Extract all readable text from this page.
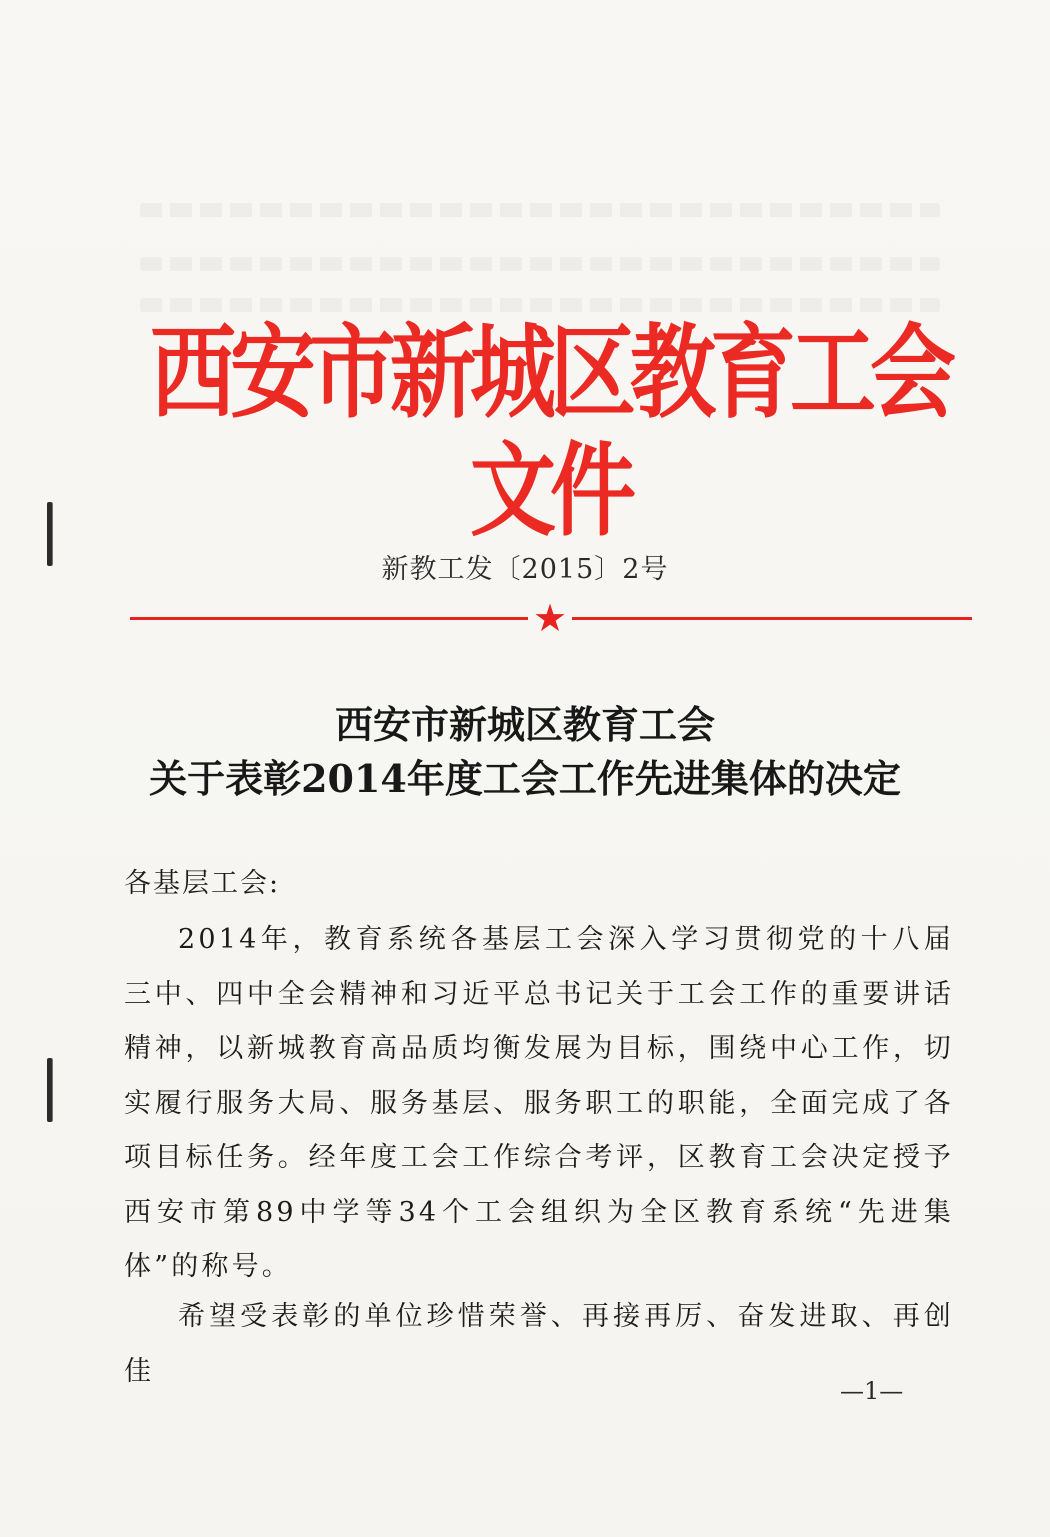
西安市新城区教育工会文件
新教工发〔2015〕2号
★
西安市新城区教育工会
关于表彰2014年度工会工作先进集体的决定
各基层工会:

2014年，教育系统各基层工会深入学习贯彻党的十八届三中、四中全会精神和习近平总书记关于工会工作的重要讲话精神，以新城教育高品质均衡发展为目标，围绕中心工作，切实履行服务大局、服务基层、服务职工的职能，全面完成了各项目标任务。经年度工会工作综合考评，区教育工会决定授予西安市第89中学等34个工会组织为全区教育系统“先进集体”的称号。

希望受表彰的单位珍惜荣誉、再接再厉、奋发进取、再创佳

—1—
